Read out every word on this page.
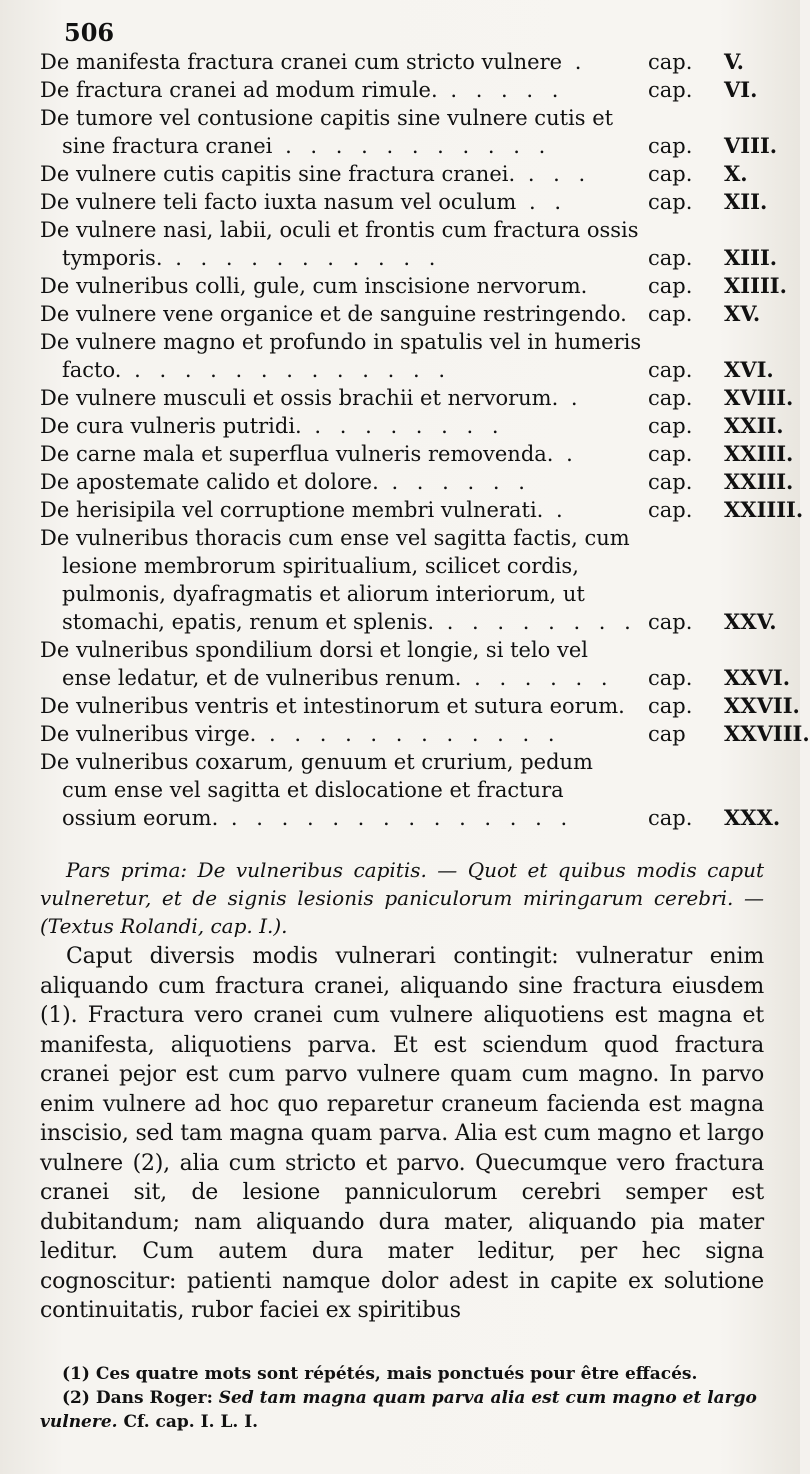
506
De manifesta fractura cranei cum stricto vulnere .	cap.	V.
De fractura cranei ad modum rimule. . . . . .	cap.	VI.
De tumore vel contusione capitis sine vulnere cutis et sine fractura cranei . . . . . . . . . . .	cap.	VIII.
De vulnere cutis capitis sine fractura cranei. . . .	cap.	X.
De vulnere teli facto iuxta nasum vel oculum . .	cap.	XII.
De vulnere nasi, labii, oculi et frontis cum fractura ossis tymporis. . . . . . . . . . . .	cap.	XIII.
De vulneribus colli, gule, cum inscisione nervorum.	cap.	XIIII.
De vulnere vene organice et de sanguine restringendo. cap.	XV.
De vulnere magno et profundo in spatulis vel in humeris facto. . . . . . . . . . . . . .	cap.	XVI.
De vulnere musculi et ossis brachii et nervorum. .	cap.	XVIII.
De cura vulneris putridi. . . . . . . . .	cap.	XXII.
De carne mala et superflua vulneris removenda. .	cap.	XXIII.
De apostemate calido et dolore. . . . . . .	cap.	XXIII.
De herisipila vel corruptione membri vulnerati. .	cap.	XXIIII.
De vulneribus thoracis cum ense vel sagitta factis, cum lesione membrorum spiritualium, scilicet cordis, pulmonis, dyafragmatis et aliorum interiorum, ut stomachi, epatis, renum et splenis. . . . . . . . . cap.	XXV.
De vulneribus spondilium dorsi et longie, si telo vel ense ledatur, et de vulneribus renum. . . . . . . cap.	XXVI.
De vulneribus ventris et intestinorum et sutura eorum. cap.	XXVII.
De vulneribus virge. . . . . . . . . . . . .	cap	XXVIII.
De vulneribus coxarum, genuum et crurium, pedum cum ense vel sagitta et dislocatione et fractura ossium eorum. . . . . . . . . . . . . . .	cap.	XXX.
Pars prima: De vulneribus capitis. — Quot et quibus modis caput vulneretur, et de signis lesionis paniculorum miringarum cerebri. — (Textus Rolandi, cap. I.).
Caput diversis modis vulnerari contingit: vulneratur enim aliquando cum fractura cranei, aliquando sine fractura eiusdem (1). Fractura vero cranei cum vulnere aliquotiens est magna et manifesta, aliquotiens parva. Et est sciendum quod fractura cranei pejor est cum parvo vulnere quam cum magno. In parvo enim vulnere ad hoc quo reparetur craneum facienda est magna inscisio, sed tam magna quam parva. Alia est cum magno et largo vulnere (2), alia cum stricto et parvo. Quecumque vero fractura cranei sit, de lesione panniculorum cerebri semper est dubitandum; nam aliquando dura mater, aliquando pia mater leditur. Cum autem dura mater leditur, per hec signa cognoscitur: patienti namque dolor adest in capite ex solutione continuitatis, rubor faciei ex spiritibus
(1) Ces quatre mots sont répétés, mais ponctués pour être effacés.
(2) Dans Roger: Sed tam magna quam parva alia est cum magno et largo vulnere. Cf. cap. I. L. I.
